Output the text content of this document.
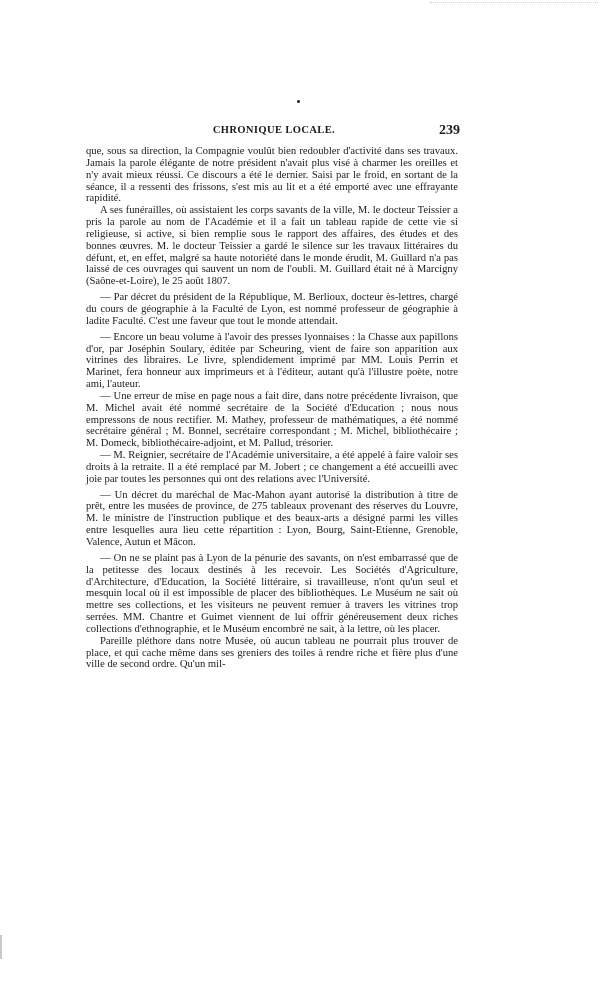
CHRONIQUE LOCALE.	239

que, sous sa direction, la Compagnie voulût bien redoubler d'activité dans ses travaux. Jamais la parole élégante de notre président n'avait plus visé à charmer les oreilles et n'y avait mieux réussi. Ce discours a été le dernier. Saisi par le froid, en sortant de la séance, il a ressenti des frissons, s'est mis au lit et a été emporté avec une effrayante rapidité.

A ses funérailles, où assistaient les corps savants de la ville, M. le docteur Teissier a pris la parole au nom de l'Académie et il a fait un tableau rapide de cette vie si religieuse, si active, si bien remplie sous le rapport des affaires, des études et des bonnes œuvres. M. le docteur Teissier a gardé le silence sur les travaux littéraires du défunt, et, en effet, malgré sa haute notoriété dans le monde érudit, M. Guillard n'a pas laissé de ces ouvrages qui sauvent un nom de l'oubli. M. Guillard était né à Marcigny (Saône-et-Loire), le 25 août 1807.

— Par décret du président de la République, M. Berlioux, docteur ès-lettres, chargé du cours de géographie à la Faculté de Lyon, est nommé professeur de géographie à ladite Faculté. C'est une faveur que tout le monde attendait.

— Encore un beau volume à l'avoir des presses lyonnaises : la Chasse aux papillons d'or, par Joséphin Soulary, éditée par Scheuring, vient de faire son apparition aux vitrines des libraires. Le livre, splendidement imprimé par MM. Louis Perrin et Marinet, fera honneur aux imprimeurs et à l'éditeur, autant qu'à l'illustre poète, notre ami, l'auteur.

— Une erreur de mise en page nous a fait dire, dans notre précédente livraison, que M. Michel avait été nommé secrétaire de la Société d'Education ; nous nous empressons de nous rectifier. M. Mathey, professeur de mathématiques, a été nommé secrétaire général ; M. Bonnel, secrétaire correspondant ; M. Michel, bibliothécaire ; M. Domeck, bibliothécaire-adjoint, et M. Pallud, trésorier.

— M. Reignier, secrétaire de l'Académie universitaire, a été appelé à faire valoir ses droits à la retraite. Il a été remplacé par M. Jobert ; ce changement a été accueilli avec joie par toutes les personnes qui ont des relations avec l'Université.

— Un décret du maréchal de Mac-Mahon ayant autorisé la distribution à titre de prêt, entre les musées de province, de 275 tableaux provenant des réserves du Louvre, M. le ministre de l'instruction publique et des beaux-arts a désigné parmi les villes entre lesquelles aura lieu cette répartition : Lyon, Bourg, Saint-Etienne, Grenoble, Valence, Autun et Mâcon.

— On ne se plaint pas à Lyon de la pénurie des savants, on n'est embarrassé que de la petitesse des locaux destinés à les recevoir. Les Sociétés d'Agriculture, d'Architecture, d'Education, la Société littéraire, si travailleuse, n'ont qu'un seul et mesquin local où il est impossible de placer des bibliothèques. Le Muséum ne sait où mettre ses collections, et les visiteurs ne peuvent remuer à travers les vitrines trop serrées. MM. Chantre et Guimet viennent de lui offrir généreusement deux riches collections d'ethnographie, et le Muséum encombré ne sait, à la lettre, où les placer.

Pareille pléthore dans notre Musée, où aucun tableau ne pourrait plus trouver de place, et qui cache même dans ses greniers des toiles à rendre riche et fière plus d'une ville de second ordre. Qu'un mil-
